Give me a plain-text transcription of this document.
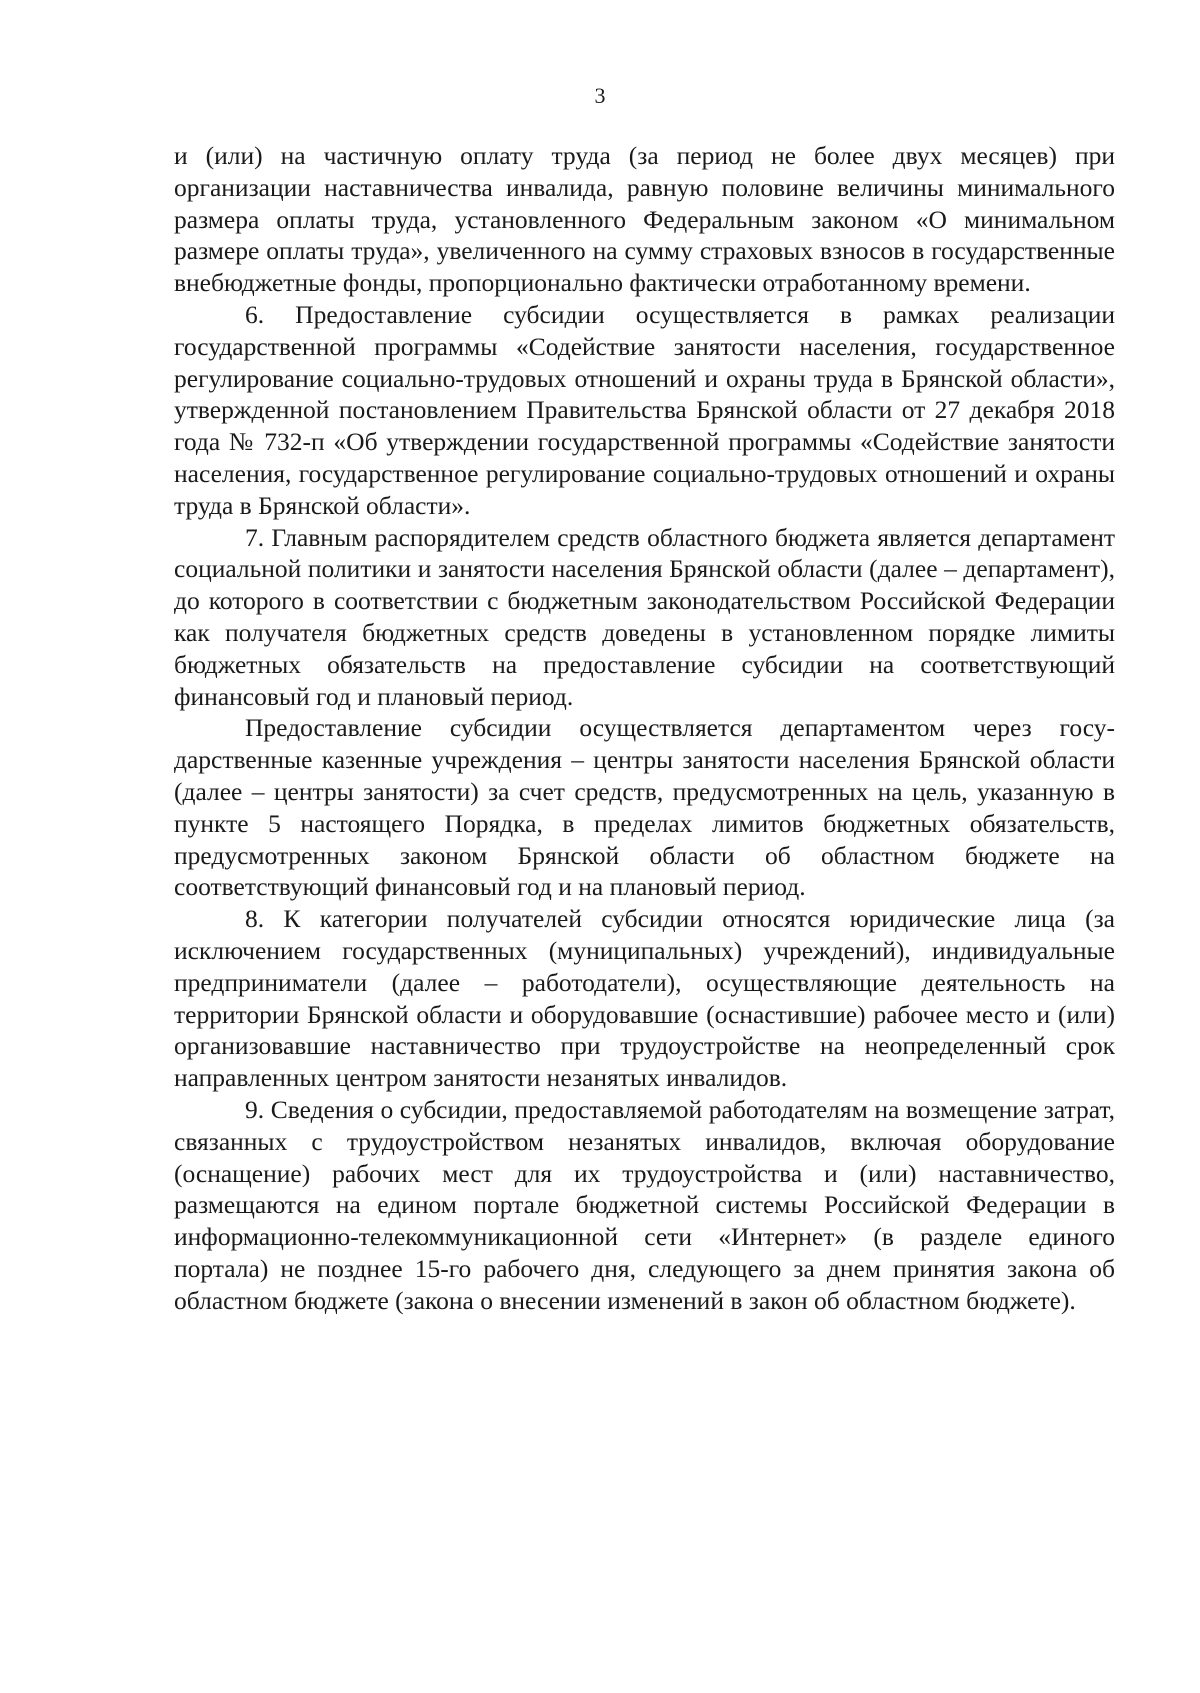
3

и (или) на частичную оплату труда (за период не более двух месяцев) при организации наставничества инвалида, равную половине величины минимального размера оплаты труда, установленного Федеральным законом «О минимальном размере оплаты труда», увеличенного на сумму страховых взносов в государственные внебюджетные фонды, пропорционально фактически отработанному времени.

6. Предоставление субсидии осуществляется в рамках реализации государственной программы «Содействие занятости населения, государственное регулирование социально-трудовых отношений и охраны труда в Брянской области», утвержденной постановлением Правительства Брянской области от 27 декабря 2018 года № 732-п «Об утверждении государственной программы «Содействие занятости населения, государственное регулирование социально-трудовых отношений и охраны труда в Брянской области».

7. Главным распорядителем средств областного бюджета является департамент социальной политики и занятости населения Брянской области (далее – департамент), до которого в соответствии с бюджетным законодательством Российской Федерации как получателя бюджетных средств доведены в установленном порядке лимиты бюджетных обязательств на предоставление субсидии на соответствующий финансовый год и плановый период.

Предоставление субсидии осуществляется департаментом через государственные казенные учреждения – центры занятости населения Брянской области (далее – центры занятости) за счет средств, предусмотренных на цель, указанную в пункте 5 настоящего Порядка, в пределах лимитов бюджетных обязательств, предусмотренных законом Брянской области об областном бюджете на соответствующий финансовый год и на плановый период.

8. К категории получателей субсидии относятся юридические лица (за исключением государственных (муниципальных) учреждений), индивидуальные предприниматели (далее – работодатели), осуществляющие деятельность на территории Брянской области и оборудовавшие (оснастившие) рабочее место и (или) организовавшие наставничество при трудоустройстве на неопределенный срок направленных центром занятости незанятых инвалидов.

9. Сведения о субсидии, предоставляемой работодателям на возмещение затрат, связанных с трудоустройством незанятых инвалидов, включая оборудование (оснащение) рабочих мест для их трудоустройства и (или) наставничество, размещаются на едином портале бюджетной системы Российской Федерации в информационно-телекоммуникационной сети «Интернет» (в разделе единого портала) не позднее 15-го рабочего дня, следующего за днем принятия закона об областном бюджете (закона о внесении изменений в закон об областном бюджете).
